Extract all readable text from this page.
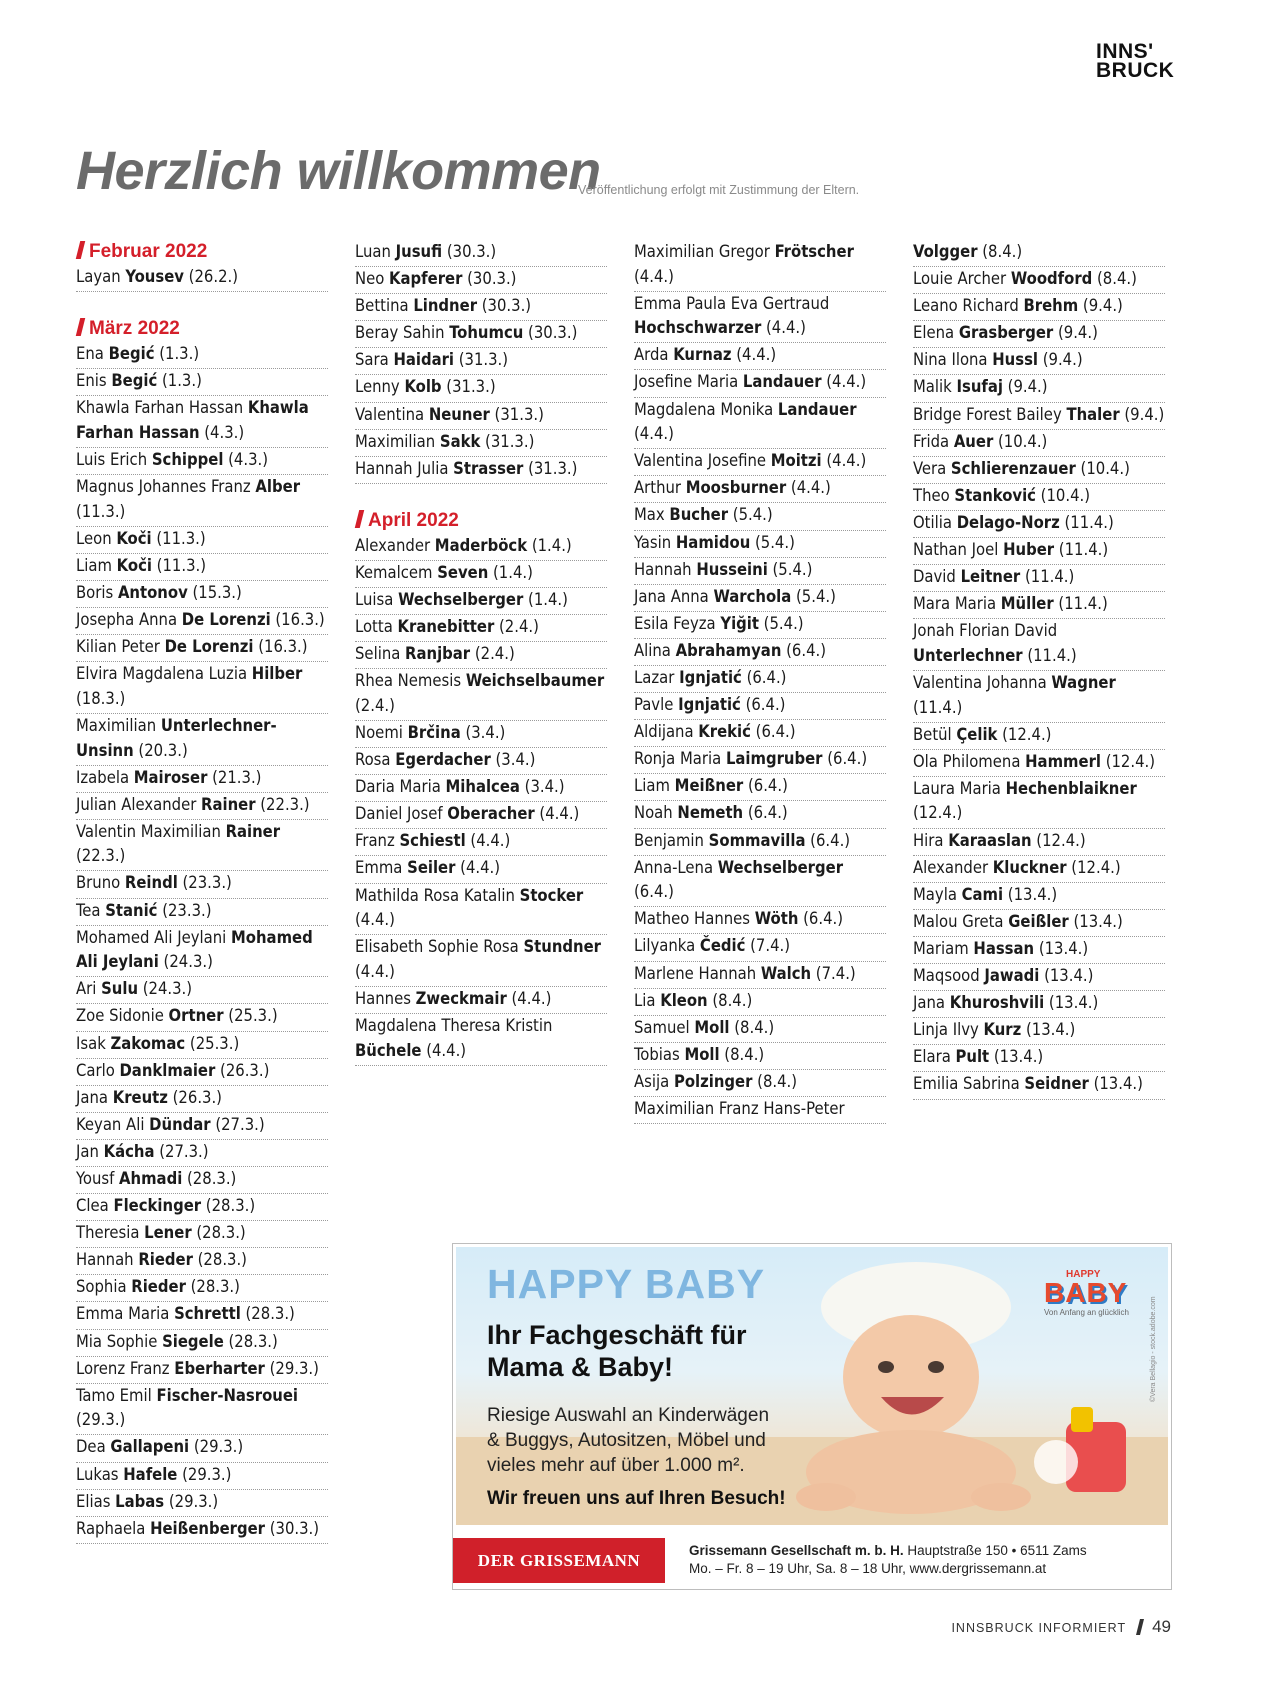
INNS'
BRUCK
Herzlich willkommen
Veröffentlichung erfolgt mit Zustimmung der Eltern.
Februar 2022
Layan Yousev (26.2.)
März 2022
Ena Begić (1.3.)
Enis Begić (1.3.)
Khawla Farhan Hassan Khawla Farhan Hassan (4.3.)
Luis Erich Schippel (4.3.)
Magnus Johannes Franz Alber (11.3.)
Leon Koči (11.3.)
Liam Koči (11.3.)
Boris Antonov (15.3.)
Josepha Anna De Lorenzi (16.3.)
Kilian Peter De Lorenzi (16.3.)
Elvira Magdalena Luzia Hilber (18.3.)
Maximilian Unterlechner-Unsinn (20.3.)
Izabela Mairoser (21.3.)
Julian Alexander Rainer (22.3.)
Valentin Maximilian Rainer (22.3.)
Bruno Reindl (23.3.)
Tea Stanić (23.3.)
Mohamed Ali Jeylani Mohamed Ali Jeylani (24.3.)
Ari Sulu (24.3.)
Zoe Sidonie Ortner (25.3.)
Isak Zakomac (25.3.)
Carlo Danklmaier (26.3.)
Jana Kreutz (26.3.)
Keyan Ali Dündar (27.3.)
Jan Kácha (27.3.)
Yousf Ahmadi (28.3.)
Clea Fleckinger (28.3.)
Theresia Lener (28.3.)
Hannah Rieder (28.3.)
Sophia Rieder (28.3.)
Emma Maria Schrettl (28.3.)
Mia Sophie Siegele (28.3.)
Lorenz Franz Eberharter (29.3.)
Tamo Emil Fischer-Nasrouei (29.3.)
Dea Gallapeni (29.3.)
Lukas Hafele (29.3.)
Elias Labas (29.3.)
Raphaela Heißenberger (30.3.)
Luan Jusufi (30.3.)
Neo Kapferer (30.3.)
Bettina Lindner (30.3.)
Beray Sahin Tohumcu (30.3.)
Sara Haidari (31.3.)
Lenny Kolb (31.3.)
Valentina Neuner (31.3.)
Maximilian Sakk (31.3.)
Hannah Julia Strasser (31.3.)
April 2022
Alexander Maderböck (1.4.)
Kemalcem Seven (1.4.)
Luisa Wechselberger (1.4.)
Lotta Kranebitter (2.4.)
Selina Ranjbar (2.4.)
Rhea Nemesis Weichselbaumer (2.4.)
Noemi Brčina (3.4.)
Rosa Egerdacher (3.4.)
Daria Maria Mihalcea (3.4.)
Daniel Josef Oberacher (4.4.)
Franz Schiestl (4.4.)
Emma Seiler (4.4.)
Mathilda Rosa Katalin Stocker (4.4.)
Elisabeth Sophie Rosa Stundner (4.4.)
Hannes Zweckmair (4.4.)
Magdalena Theresa Kristin Büchele (4.4.)
Maximilian Gregor Frötscher (4.4.)
Emma Paula Eva Gertraud Hochschwarzer (4.4.)
Arda Kurnaz (4.4.)
Josefine Maria Landauer (4.4.)
Magdalena Monika Landauer (4.4.)
Valentina Josefine Moitzi (4.4.)
Arthur Moosburner (4.4.)
Max Bucher (5.4.)
Yasin Hamidou (5.4.)
Hannah Husseini (5.4.)
Jana Anna Warchola (5.4.)
Esila Feyza Yiğit (5.4.)
Alina Abrahamyan (6.4.)
Lazar Ignjatić (6.4.)
Pavle Ignjatić (6.4.)
Aldijana Krekić (6.4.)
Ronja Maria Laimgruber (6.4.)
Liam Meißner (6.4.)
Noah Nemeth (6.4.)
Benjamin Sommavilla (6.4.)
Anna-Lena Wechselberger (6.4.)
Matheo Hannes Wöth (6.4.)
Lilyanka Čedić (7.4.)
Marlene Hannah Walch (7.4.)
Lia Kleon (8.4.)
Samuel Moll (8.4.)
Tobias Moll (8.4.)
Asija Polzinger (8.4.)
Maximilian Franz Hans-Peter
Volgger (8.4.)
Louie Archer Woodford (8.4.)
Leano Richard Brehm (9.4.)
Elena Grasberger (9.4.)
Nina Ilona Hussl (9.4.)
Malik Isufaj (9.4.)
Bridge Forest Bailey Thaler (9.4.)
Frida Auer (10.4.)
Vera Schlierenzauer (10.4.)
Theo Stanković (10.4.)
Otilia Delago-Norz (11.4.)
Nathan Joel Huber (11.4.)
David Leitner (11.4.)
Mara Maria Müller (11.4.)
Jonah Florian David Unterlechner (11.4.)
Valentina Johanna Wagner (11.4.)
Betül Çelik (12.4.)
Ola Philomena Hammerl (12.4.)
Laura Maria Hechenblaikner (12.4.)
Hira Karaaslan (12.4.)
Alexander Kluckner (12.4.)
Mayla Cami (13.4.)
Malou Greta Geißler (13.4.)
Mariam Hassan (13.4.)
Maqsood Jawadi (13.4.)
Jana Khuroshvili (13.4.)
Linja Ilvy Kurz (13.4.)
Elara Pult (13.4.)
Emilia Sabrina Seidner (13.4.)
HAPPY BABY
Ihr Fachgeschäft für
Mama & Baby!
Riesige Auswahl an Kinderwägen
& Buggys, Autositzen, Möbel und
vieles mehr auf über 1.000 m².
Wir freuen uns auf Ihren Besuch!
HAPPY
BABY
Von Anfang an glücklich	©Vera Bellagio - stock.adobe.com
DER GRISSEMANN
Grissemann Gesellschaft m. b. H. Hauptstraße 150 • 6511 Zams
Mo. – Fr. 8 – 19 Uhr, Sa. 8 – 18 Uhr, www.dergrissemann.at
INNSBRUCK INFORMIERT 49
